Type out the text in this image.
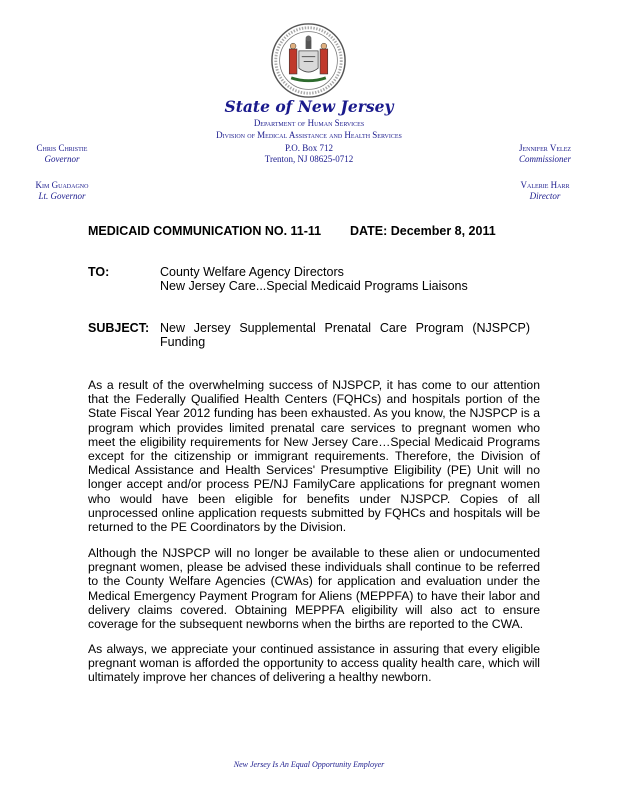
State of New Jersey
Department of Human Services
Division of Medical Assistance and Health Services
P.O. Box 712
Trenton, NJ 08625-0712
Chris Christie
Governor
Kim Guadagno
Lt. Governor
Jennifer Velez
Commissioner
Valerie Harr
Director
MEDICAID COMMUNICATION NO. 11-11 DATE: December 8, 2011
TO:	County Welfare Agency Directors
New Jersey Care...Special Medicaid Programs Liaisons
SUBJECT: New Jersey Supplemental Prenatal Care Program (NJSPCP) Funding
As a result of the overwhelming success of NJSPCP, it has come to our attention that the Federally Qualified Health Centers (FQHCs) and hospitals portion of the State Fiscal Year 2012 funding has been exhausted. As you know, the NJSPCP is a program which provides limited prenatal care services to pregnant women who meet the eligibility requirements for New Jersey Care…Special Medicaid Programs except for the citizenship or immigrant requirements. Therefore, the Division of Medical Assistance and Health Services' Presumptive Eligibility (PE) Unit will no longer accept and/or process PE/NJ FamilyCare applications for pregnant women who would have been eligible for benefits under NJSPCP. Copies of all unprocessed online application requests submitted by FQHCs and hospitals will be returned to the PE Coordinators by the Division.
Although the NJSPCP will no longer be available to these alien or undocumented pregnant women, please be advised these individuals shall continue to be referred to the County Welfare Agencies (CWAs) for application and evaluation under the Medical Emergency Payment Program for Aliens (MEPPFA) to have their labor and delivery claims covered. Obtaining MEPPFA eligibility will also act to ensure coverage for the subsequent newborns when the births are reported to the CWA.
As always, we appreciate your continued assistance in assuring that every eligible pregnant woman is afforded the opportunity to access quality health care, which will ultimately improve her chances of delivering a healthy newborn.
New Jersey Is An Equal Opportunity Employer
